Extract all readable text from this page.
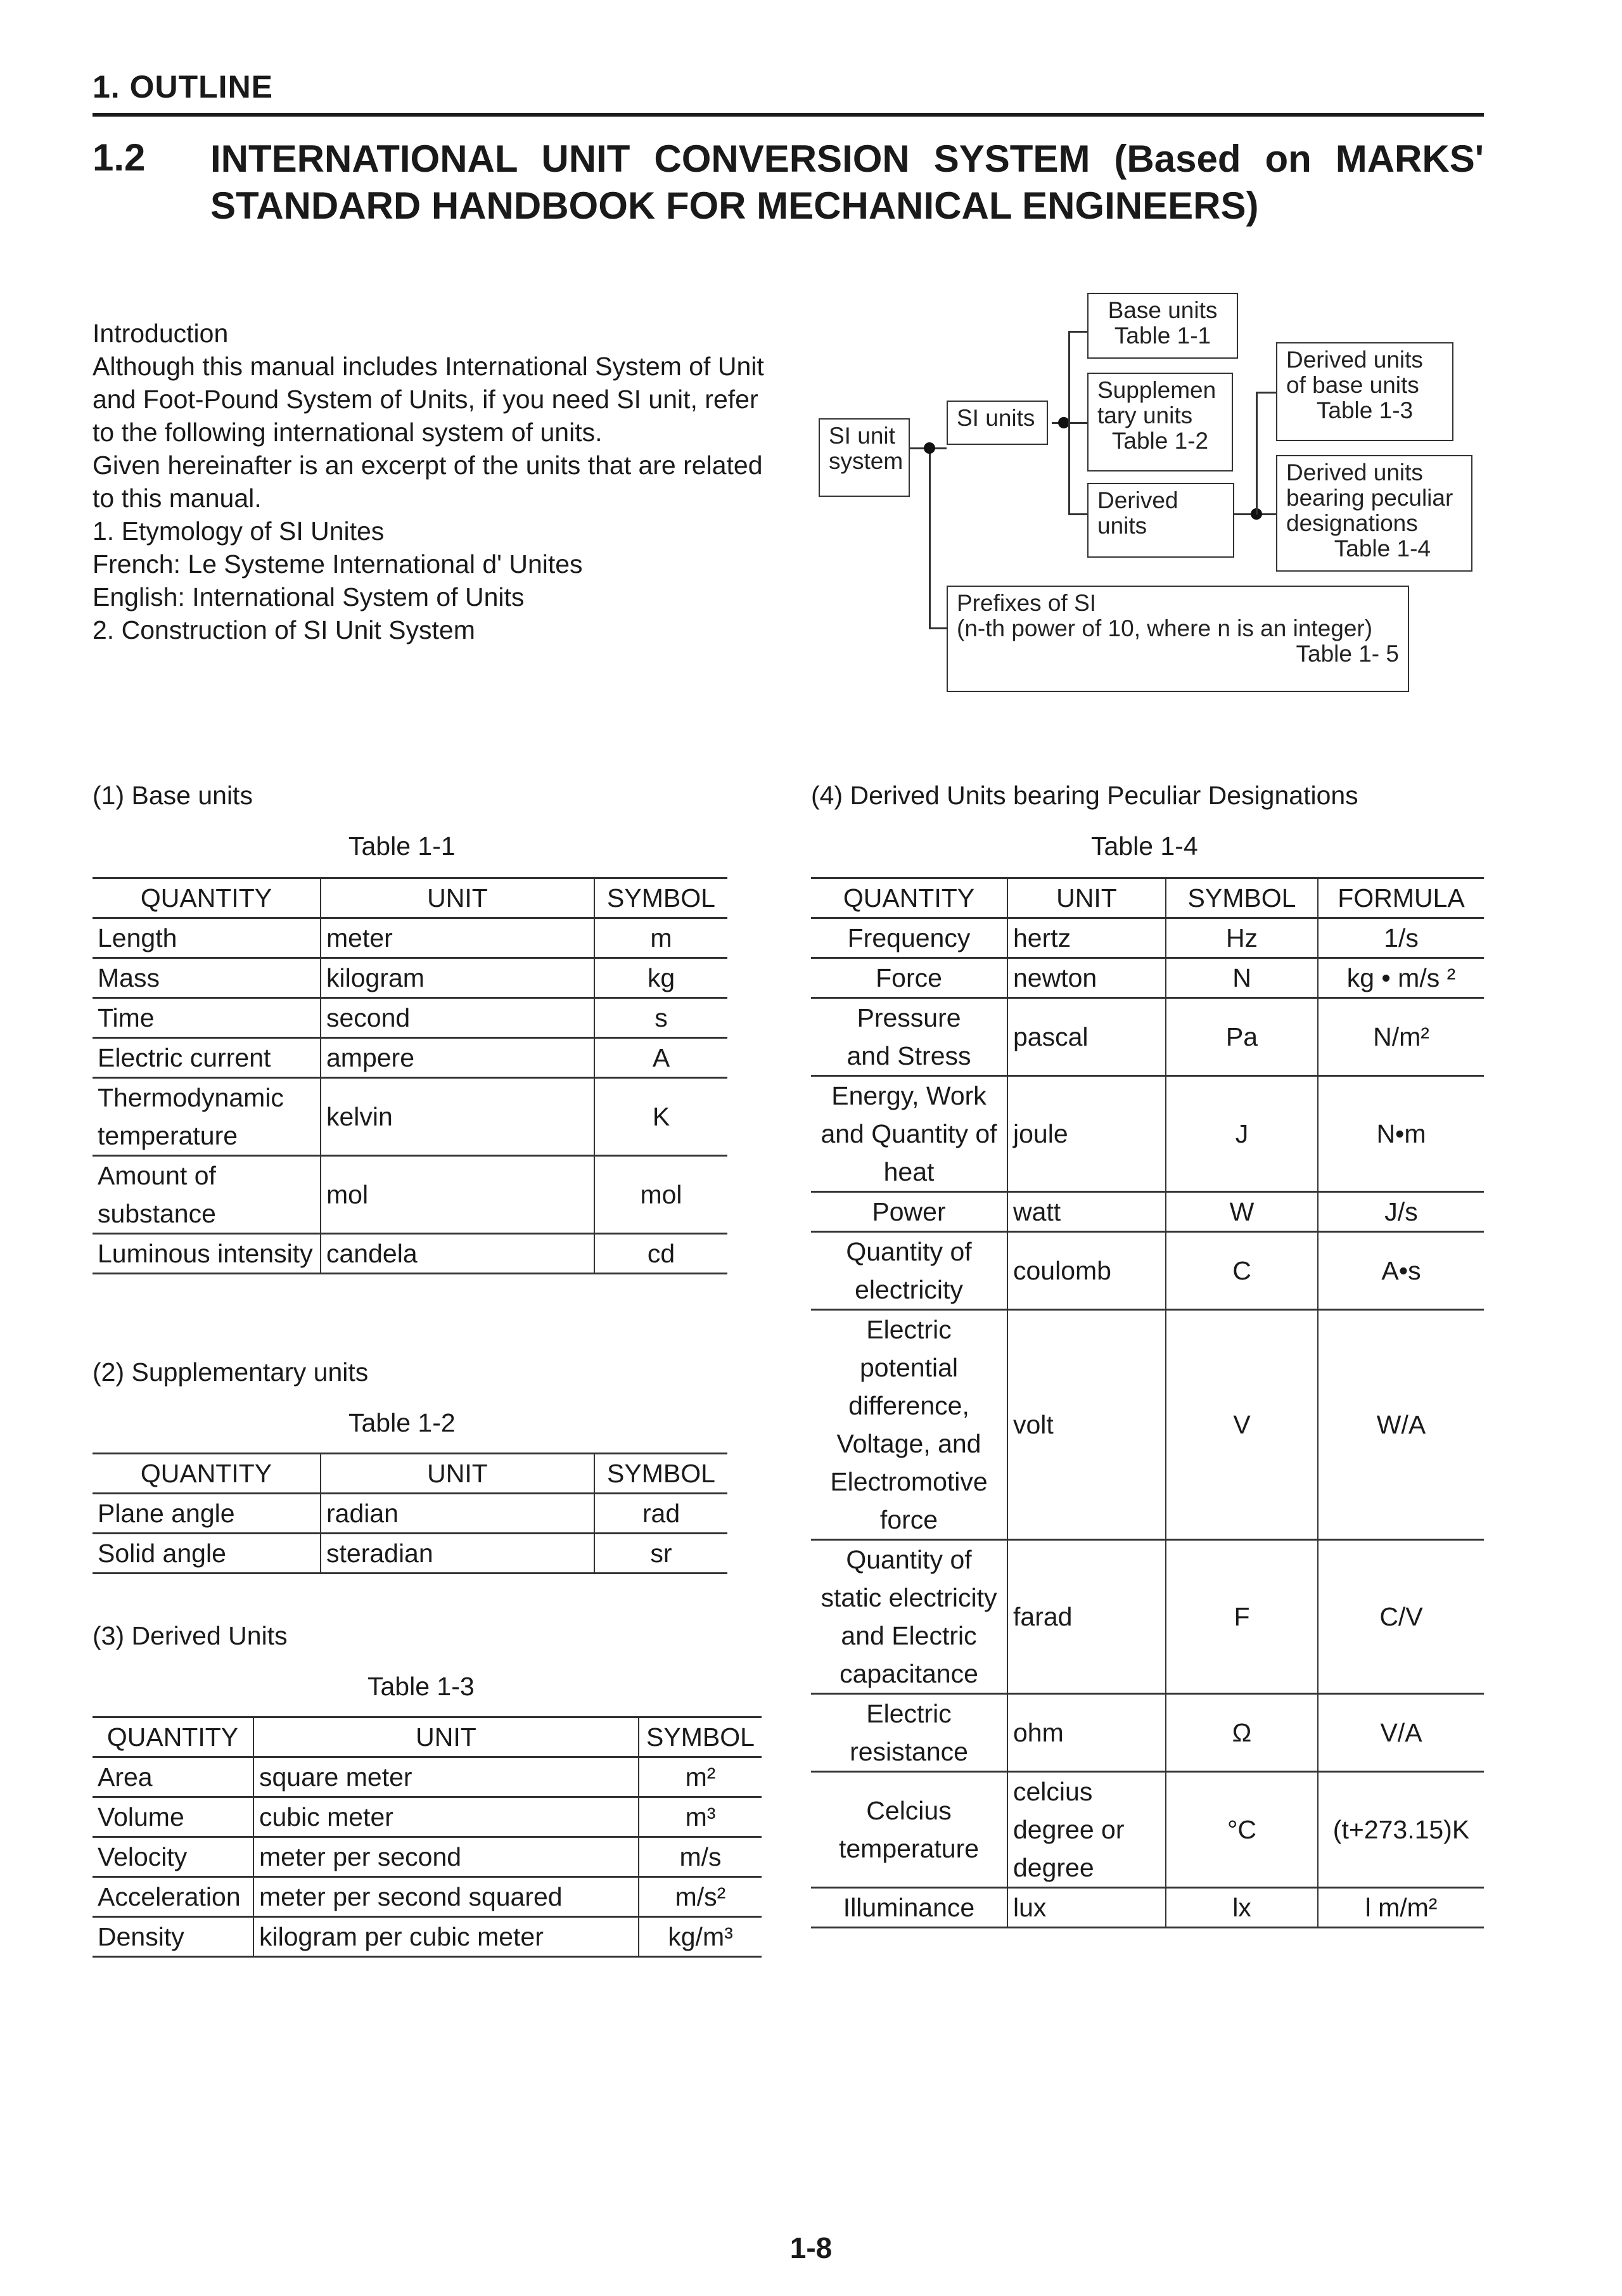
1. OUTLINE
1.2 INTERNATIONAL UNIT CONVERSION SYSTEM (Based on MARKS'
STANDARD HANDBOOK FOR MECHANICAL ENGINEERS)
Introduction
Although this manual includes International System of Unit
and Foot-Pound System of Units, if you need SI unit, refer
to the following international system of units.
Given hereinafter is an excerpt of the units that are related
to this manual.
1. Etymology of SI Unites
French: Le Systeme International d' Unites
English: International System of Units
2. Construction of SI Unit System
SI unit
system
SI units
Base units
Table 1-1
Supplemen
tary units
Table 1-2
Derived
units
Derived units
of base units
Table 1-3
Derived units
bearing peculiar
designations
Table 1-4
Prefixes of SI
(n-th power of 10, where n is an integer)
Table 1- 5
(1) Base units
Table 1-1
QUANTITY	UNIT	SYMBOL
Length	meter	m
Mass	kilogram	kg
Time	second	s
Electric current	ampere	A
Thermodynamic temperature	kelvin	K
Amount of substance	mol	mol
Luminous intensity	candela	cd
(2) Supplementary units
Table 1-2
QUANTITY	UNIT	SYMBOL
Plane angle	radian	rad
Solid angle	steradian	sr
(3) Derived Units
Table 1-3
QUANTITY	UNIT	SYMBOL
Area	square meter	m²
Volume	cubic meter	m³
Velocity	meter per second	m/s
Acceleration	meter per second squared	m/s²
Density	kilogram per cubic meter	kg/m³
(4) Derived Units bearing Peculiar Designations
Table 1-4
QUANTITY	UNIT	SYMBOL	FORMULA
Frequency	hertz	Hz	1/s
Force	newton	N	kg • m/s ²
Pressure and Stress	pascal	Pa	N/m²
Energy, Work and Quantity of heat	joule	J	N•m
Power	watt	W	J/s
Quantity of electricity	coulomb	C	A•s
Electric potential difference, Voltage, and Electromotive force	volt	V	W/A
Quantity of static electricity and Electric capacitance	farad	F	C/V
Electric resistance	ohm	Ω	V/A
Celcius temperature	celcius degree or degree	°C	(t+273.15)K
Illuminance	lux	lx	l m/m²
1-8
